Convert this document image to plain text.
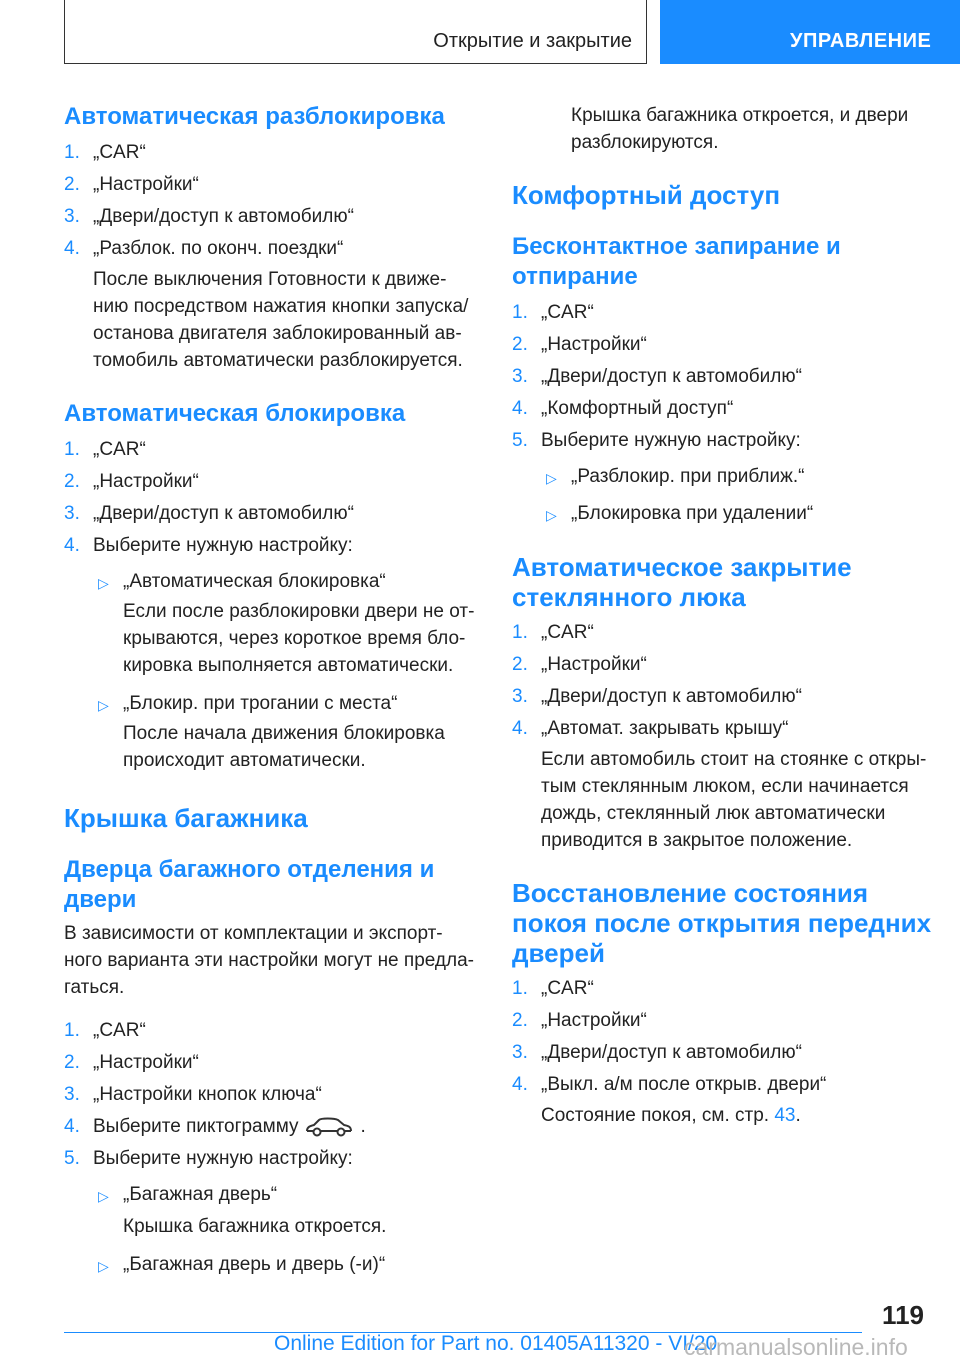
Открытие и закрытие	УПРАВЛЕНИЕ
Автоматическая разблокировка
1. „CAR“
2. „Настройки“
3. „Двери/доступ к автомобилю“
4. „Разблок. по оконч. поездки“
После выключения Готовности к движе-
нию посредством нажатия кнопки запуска/
останова двигателя заблокированный ав-
томобиль автоматически разблокируется.
Автоматическая блокировка
1. „CAR“
2. „Настройки“
3. „Двери/доступ к автомобилю“
4. Выберите нужную настройку:
▷ „Автоматическая блокировка“
Если после разблокировки двери не от-
крываются, через короткое время бло-
кировка выполняется автоматически.
▷ „Блокир. при трогании с места“
После начала движения блокировка
происходит автоматически.
Крышка багажника
Дверца багажного отделения и
двери
В зависимости от комплектации и экспорт-
ного варианта эти настройки могут не предла-
гаться.
1. „CAR“
2. „Настройки“
3. „Настройки кнопок ключа“
4. Выберите пиктограмму	.
5. Выберите нужную настройку:
▷ „Багажная дверь“
Крышка багажника откроется.
▷ „Багажная дверь и дверь (-и)“
Крышка багажника откроется, и двери
разблокируются.
Комфортный доступ
Бесконтактное запирание и
отпирание
1. „CAR“
2. „Настройки“
3. „Двери/доступ к автомобилю“
4. „Комфортный доступ“
5. Выберите нужную настройку:
▷ „Разблокир. при приближ.“
▷ „Блокировка при удалении“
Автоматическое закрытие
стеклянного люка
1. „CAR“
2. „Настройки“
3. „Двери/доступ к автомобилю“
4. „Автомат. закрывать крышу“
Если автомобиль стоит на стоянке с откры-
тым стеклянным люком, если начинается
дождь, стеклянный люк автоматически
приводится в закрытое положение.
Восстановление состояния
покоя после открытия передних
дверей
1. „CAR“
2. „Настройки“
3. „Двери/доступ к автомобилю“
4. „Выкл. а/м после открыв. двери“
Состояние покоя, см. стр. 43.
119
Online Edition for Part no. 01405A11320 - VI/20
carmanualsonline.info
